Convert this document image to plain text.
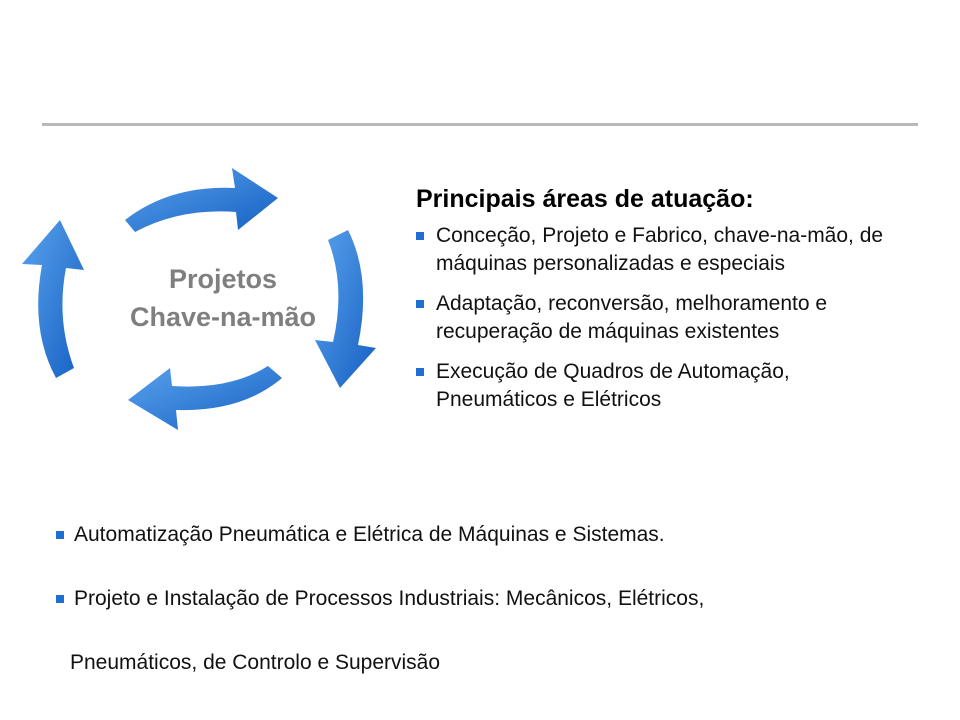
Projetos
Chave-na-mão
Principais áreas de atuação:
Conceção, Projeto e Fabrico, chave-na-mão, de máquinas personalizadas e especiais
Adaptação, reconversão, melhoramento e recuperação de máquinas existentes
Execução de Quadros de Automação, Pneumáticos e Elétricos
Automatização Pneumática e Elétrica de Máquinas e Sistemas.
Projeto e Instalação de Processos Industriais: Mecânicos, Elétricos,
Pneumáticos, de Controlo e Supervisão
